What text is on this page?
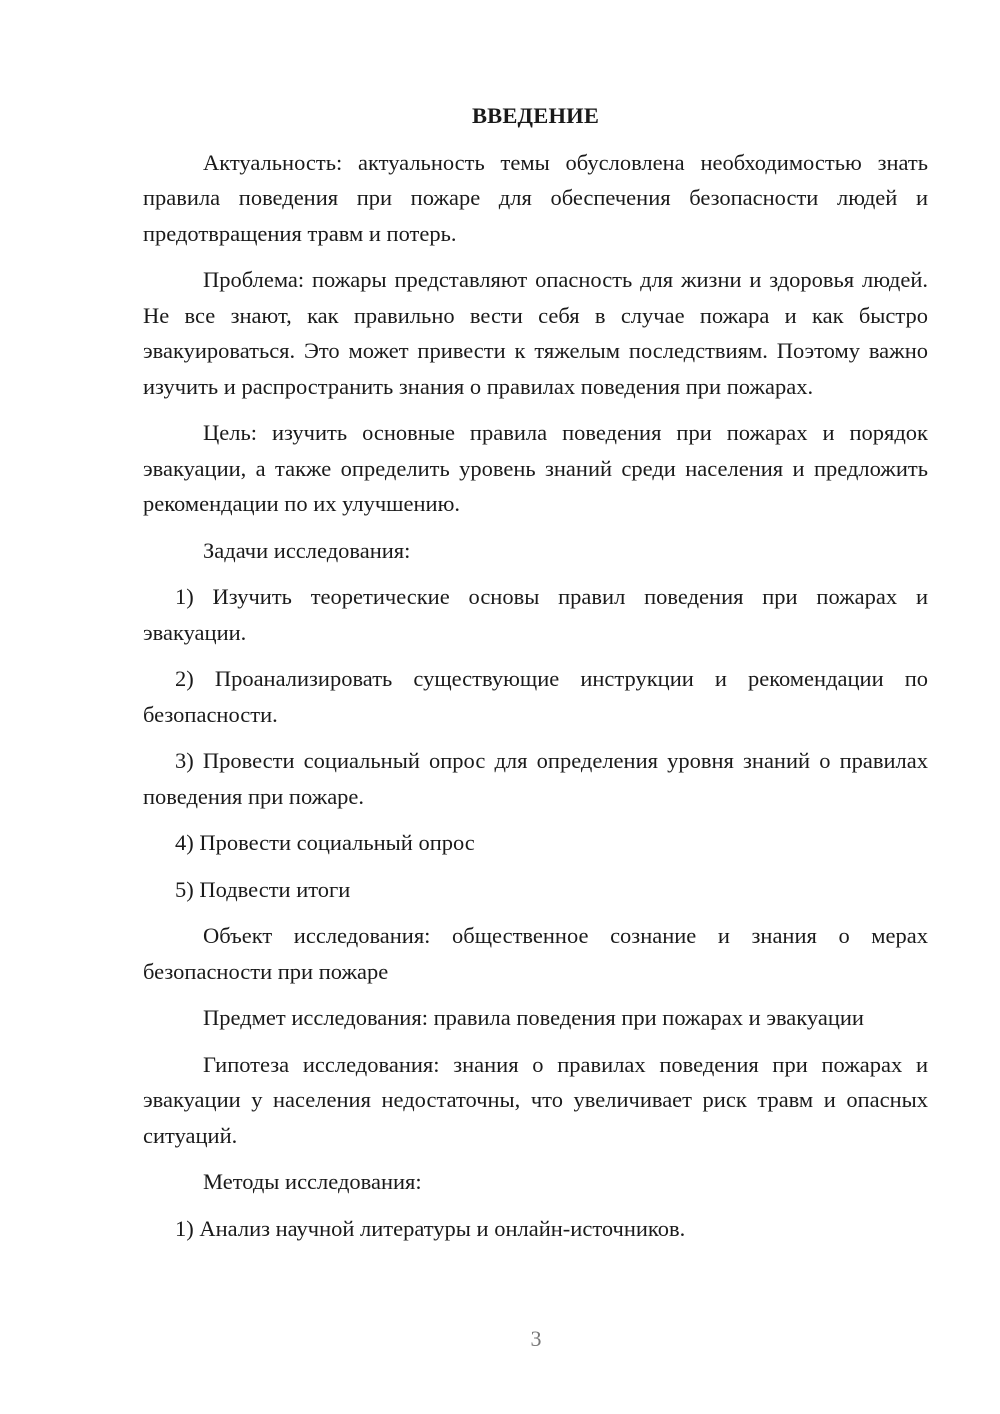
ВВЕДЕНИЕ

Актуальность: актуальность темы обусловлена необходимостью знать правила поведения при пожаре для обеспечения безопасности людей и предотвращения травм и потерь.

Проблема: пожары представляют опасность для жизни и здоровья людей. Не все знают, как правильно вести себя в случае пожара и как быстро эвакуироваться. Это может привести к тяжелым последствиям. Поэтому важно изучить и распространить знания о правилах поведения при пожарах.

Цель: изучить основные правила поведения при пожарах и порядок эвакуации, а также определить уровень знаний среди населения и предложить рекомендации по их улучшению.

Задачи исследования:

1) Изучить теоретические основы правил поведения при пожарах и эвакуации.

2) Проанализировать существующие инструкции и рекомендации по безопасности.

3) Провести социальный опрос для определения уровня знаний о правилах поведения при пожаре.

4) Провести социальный опрос

5) Подвести итоги

Объект исследования: общественное сознание и знания о мерах безопасности при пожаре

Предмет исследования: правила поведения при пожарах и эвакуации

Гипотеза исследования: знания о правилах поведения при пожарах и эвакуации у населения недостаточны, что увеличивает риск травм и опасных ситуаций.

Методы исследования:

1) Анализ научной литературы и онлайн-источников.

3
